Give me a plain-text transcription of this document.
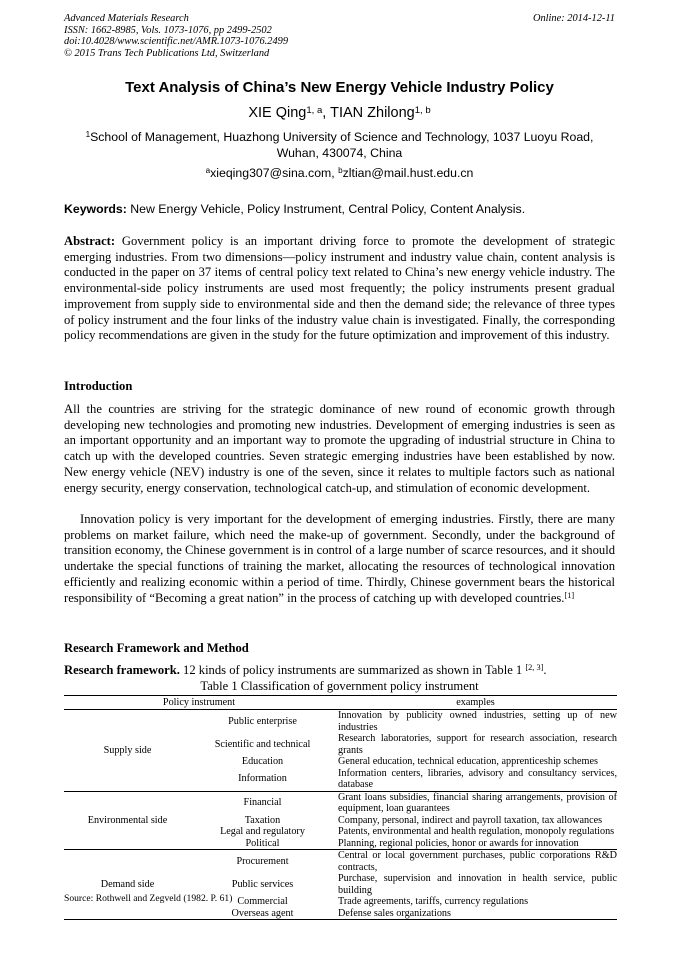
Advanced Materials Research
ISSN: 1662-8985, Vols. 1073-1076, pp 2499-2502
doi:10.4028/www.scientific.net/AMR.1073-1076.2499
© 2015 Trans Tech Publications Ltd, Switzerland
Online: 2014-12-11
Text Analysis of China’s New Energy Vehicle Industry Policy
XIE Qing$^{1, a}$, TIAN Zhilong$^{1, b}$
$^1$School of Management, Huazhong University of Science and Technology, 1037 Luoyu Road,
Wuhan, 430074, China
$^a$xieqing307@sina.com, $^b$zltian@mail.hust.edu.cn
Keywords: New Energy Vehicle, Policy Instrument, Central Policy, Content Analysis.
Abstract: Government policy is an important driving force to promote the development of strategic emerging industries. From two dimensions—policy instrument and industry value chain, content analysis is conducted in the paper on 37 items of central policy text related to China’s new energy vehicle industry. The environmental-side policy instruments are used most frequently; the policy instruments present gradual improvement from supply side to environmental side and then the demand side; the relevance of three types of policy instrument and the four links of the industry value chain is investigated. Finally, the corresponding policy recommendations are given in the study for the future optimization and improvement of this industry.
Introduction
All the countries are striving for the strategic dominance of new round of economic growth through developing new technologies and promoting new industries. Development of emerging industries is seen as an important opportunity and an important way to promote the upgrading of industrial structure in China to catch up with the developed countries. Seven strategic emerging industries have been established by now. New energy vehicle (NEV) industry is one of the seven, since it relates to multiple factors such as national energy security, energy conservation, technological catch-up, and stimulation of economic development.
Innovation policy is very important for the development of emerging industries. Firstly, there are many problems on market failure, which need the make-up of government. Secondly, under the background of transition economy, the Chinese government is in control of a large number of scarce resources, and it should undertake the special functions of training the market, allocating the resources of technological innovation efficiently and realizing economic within a period of time. Thirdly, Chinese government bears the historical responsibility of “Becoming a great nation” in the process of catching up with developed countries.[1]
Research Framework and Method
Research framework. 12 kinds of policy instruments are summarized as shown in Table 1 [2, 3].
Table 1 Classification of government policy instrument
Policy instrument		examples
Supply side	Public enterprise	Innovation by publicity owned industries, setting up of new industries
	Scientific and technical	Research laboratories, support for research association, research grants
	Education	General education, technical education, apprenticeship schemes
	Information	Information centers, libraries, advisory and consultancy services, database
Environmental side	Financial	Grant loans subsidies, financial sharing arrangements, provision of equipment, loan guarantees
	Taxation	Company, personal, indirect and payroll taxation, tax allowances
	Legal and regulatory	Patents, environmental and health regulation, monopoly regulations
	Political	Planning, regional policies, honor or awards for innovation
Demand side	Procurement	Central or local government purchases, public corporations R&D contracts,
	Public services	Purchase, supervision and innovation in health service, public building
	Commercial	Trade agreements, tariffs, currency regulations
	Overseas agent	Defense sales organizations
Source: Rothwell and Zegveld (1982. P. 61)
